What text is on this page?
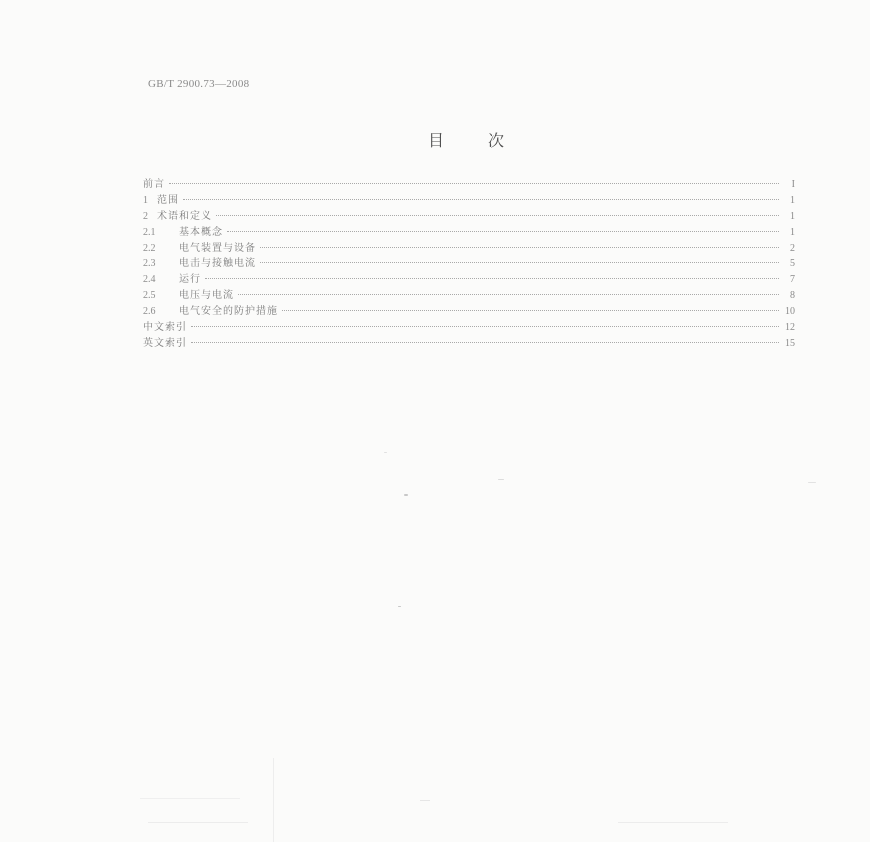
GB/T 2900.73—2008
目次
前言	I
1 范围	1
2 术语和定义	1
2.1	基本概念	1
2.2	电气装置与设备	2
2.3	电击与接触电流	5
2.4	运行	7
2.5	电压与电流	8
2.6	电气安全的防护措施	10
中文索引	12
英文索引	15
